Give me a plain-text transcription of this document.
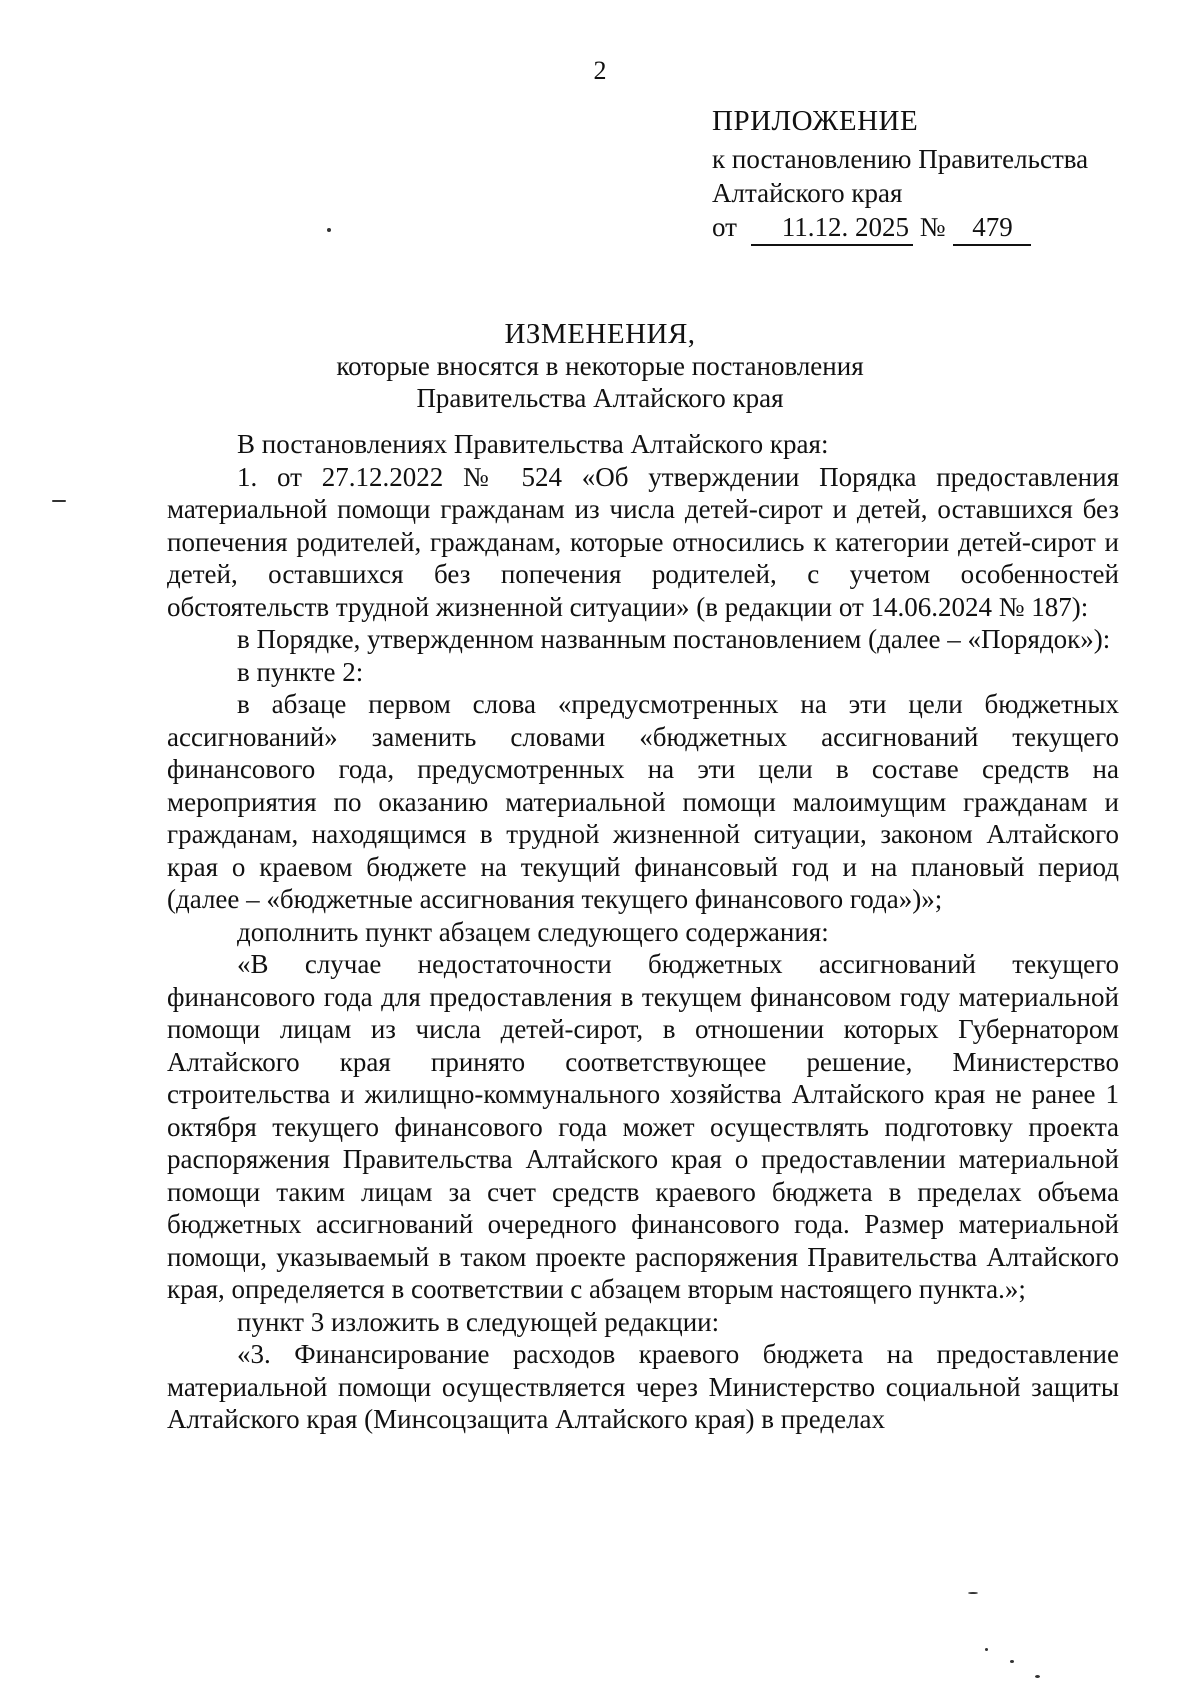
2
ПРИЛОЖЕНИЕ
к постановлению Правительства
Алтайского края
от 11.12. 2025 № 479
ИЗМЕНЕНИЯ,
которые вносятся в некоторые постановления
Правительства Алтайского края

В постановлениях Правительства Алтайского края:

1. от 27.12.2022 № 524 «Об утверждении Порядка предоставления материальной помощи гражданам из числа детей-сирот и детей, оставшихся без попечения родителей, гражданам, которые относились к категории детей-сирот и детей, оставшихся без попечения родителей, с учетом особенностей обстоятельств трудной жизненной ситуации» (в редакции от 14.06.2024 № 187):

в Порядке, утвержденном названным постановлением (далее – «Порядок»):

в пункте 2:

в абзаце первом слова «предусмотренных на эти цели бюджетных ассигнований» заменить словами «бюджетных ассигнований текущего финансового года, предусмотренных на эти цели в составе средств на мероприятия по оказанию материальной помощи малоимущим гражданам и гражданам, находящимся в трудной жизненной ситуации, законом Алтайского края о краевом бюджете на текущий финансовый год и на плановый период (далее – «бюджетные ассигнования текущего финансового года»)»;

дополнить пункт абзацем следующего содержания:

«В случае недостаточности бюджетных ассигнований текущего финансового года для предоставления в текущем финансовом году материальной помощи лицам из числа детей-сирот, в отношении которых Губернатором Алтайского края принято соответствующее решение, Министерство строительства и жилищно-коммунального хозяйства Алтайского края не ранее 1 октября текущего финансового года может осуществлять подготовку проекта распоряжения Правительства Алтайского края о предоставлении материальной помощи таким лицам за счет средств краевого бюджета в пределах объема бюджетных ассигнований очередного финансового года. Размер материальной помощи, указываемый в таком проекте распоряжения Правительства Алтайского края, определяется в соответствии с абзацем вторым настоящего пункта.»;

пункт 3 изложить в следующей редакции:

«3. Финансирование расходов краевого бюджета на предоставление материальной помощи осуществляется через Министерство социальной защиты Алтайского края (Минсоцзащита Алтайского края) в пределах
